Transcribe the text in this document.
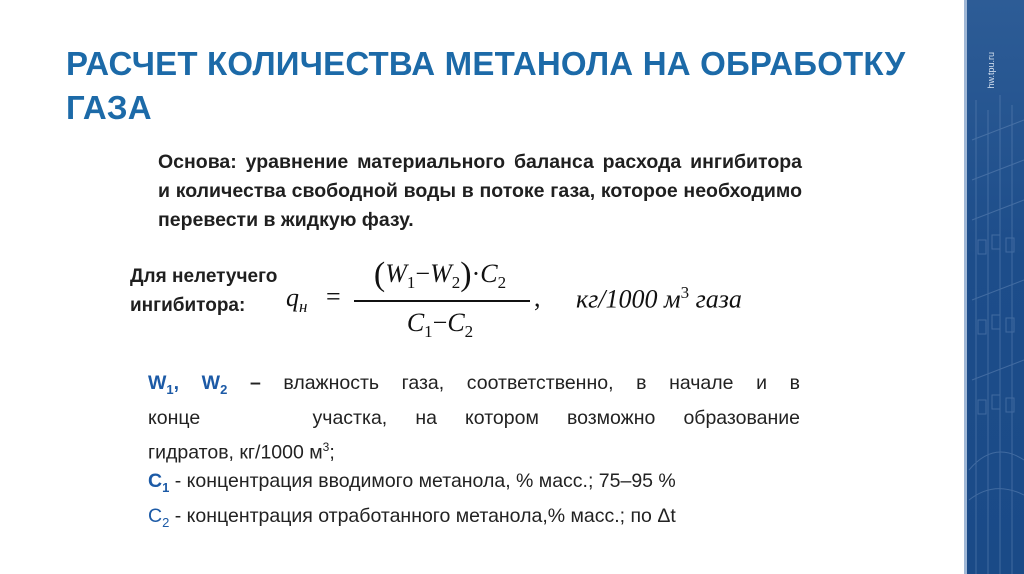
РАСЧЕТ КОЛИЧЕСТВА МЕТАНОЛА НА ОБРАБОТКУ ГАЗА
Основа: уравнение материального баланса расхода ингибитора и количества свободной воды в потоке газа, которое необходимо перевести в жидкую фазу.
Для нелетучего ингибитора:	$q_н$ =
$(W_1-W_2)\cdot C_2$
$C_1-C_2$
, кг/1000 $м^3$ газа
$W_1$, $W_2$ – влажность газа, соответственно, в начале и в
конце    участка, на котором возможно образование
гидратов, кг/1000 $м^3$;
$C_1$ - концентрация вводимого метанола, % масс.; 75–95 %
$C_2$ - концентрация отработанного метанола,% масс.; по Δt
hw.tpu.ru
